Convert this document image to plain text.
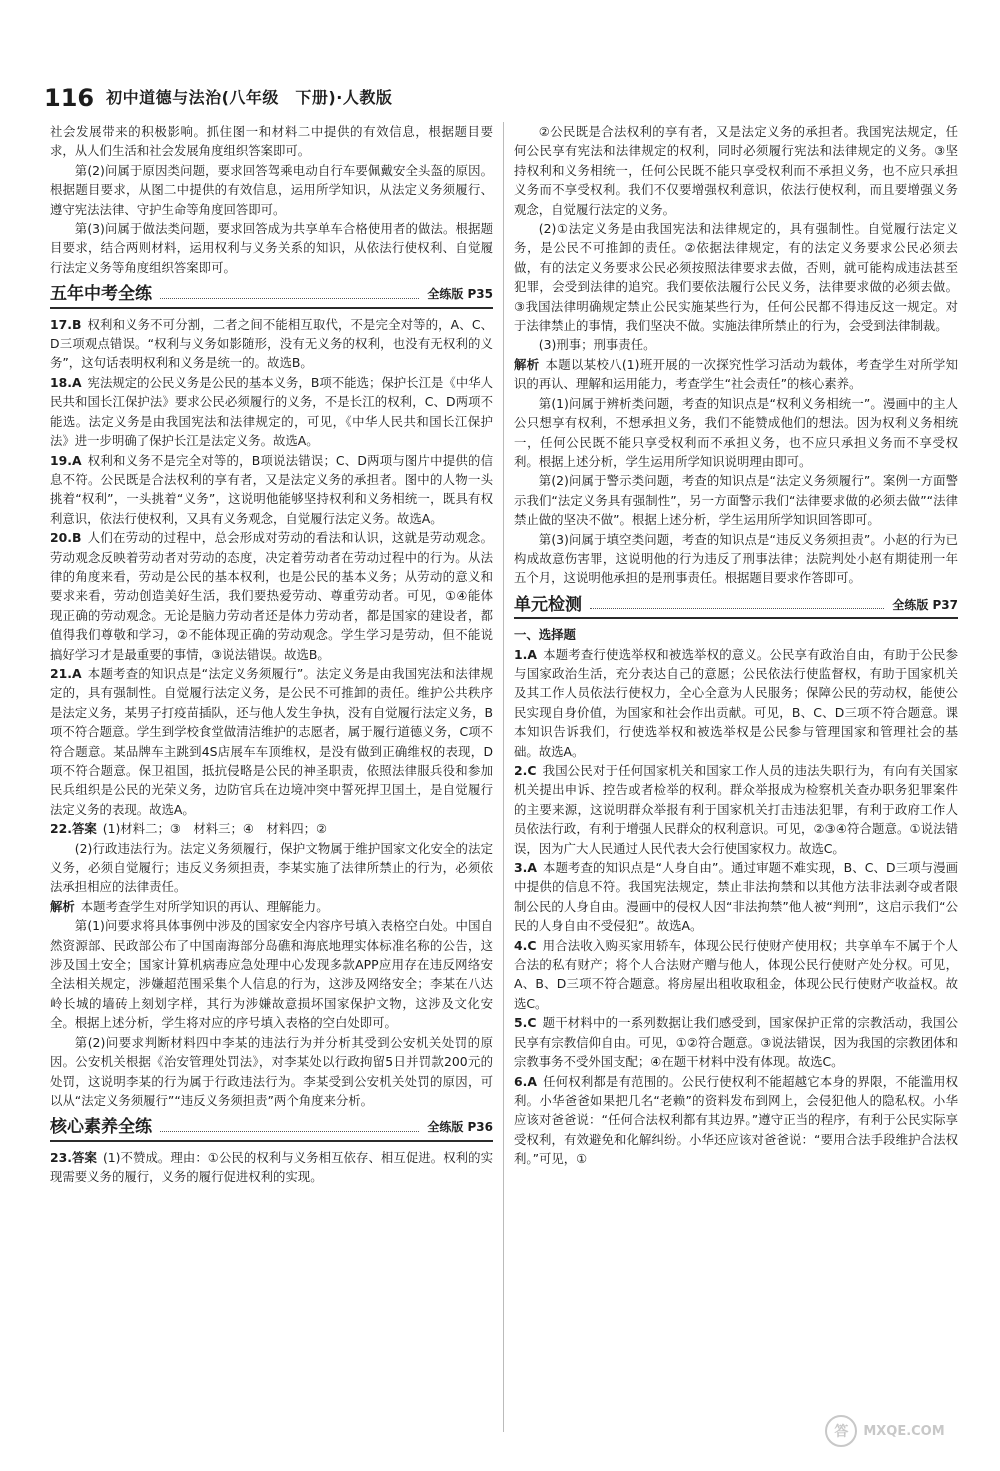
116 初中道德与法治(八年级　下册)·人教版

社会发展带来的积极影响。抓住图一和材料二中提供的有效信息，根据题目要求，从人们生活和社会发展角度组织答案即可。

第(2)问属于原因类问题，要求回答驾乘电动自行车要佩戴安全头盔的原因。根据题目要求，从图二中提供的有效信息，运用所学知识，从法定义务须履行、遵守宪法法律、守护生命等角度回答即可。

第(3)问属于做法类问题，要求回答成为共享单车合格使用者的做法。根据题目要求，结合两则材料，运用权利与义务关系的知识，从依法行使权利、自觉履行法定义务等角度组织答案即可。

五年中考全练	全练版 P35

17.B 权利和义务不可分割，二者之间不能相互取代，不是完全对等的，A、C、D三项观点错误。“权利与义务如影随形，没有无义务的权利，也没有无权利的义务”，这句话表明权利和义务是统一的。故选B。

18.A 宪法规定的公民义务是公民的基本义务，B项不能选；保护长江是《中华人民共和国长江保护法》要求公民必须履行的义务，不是长江的权利，C、D两项不能选。法定义务是由我国宪法和法律规定的，可见，《中华人民共和国长江保护法》进一步明确了保护长江是法定义务。故选A。

19.A 权利和义务不是完全对等的，B项说法错误；C、D两项与图片中提供的信息不符。公民既是合法权利的享有者，又是法定义务的承担者。图中的人物一头挑着“权利”，一头挑着“义务”，这说明他能够坚持权利和义务相统一，既具有权利意识，依法行使权利，又具有义务观念，自觉履行法定义务。故选A。

20.B 人们在劳动的过程中，总会形成对劳动的看法和认识，这就是劳动观念。劳动观念反映着劳动者对劳动的态度，决定着劳动者在劳动过程中的行为。从法律的角度来看，劳动是公民的基本权利，也是公民的基本义务；从劳动的意义和要求来看，劳动创造美好生活，我们要热爱劳动、尊重劳动者。可见，①④能体现正确的劳动观念。无论是脑力劳动者还是体力劳动者，都是国家的建设者，都值得我们尊敬和学习，②不能体现正确的劳动观念。学生学习是劳动，但不能说搞好学习才是最重要的事情，③说法错误。故选B。

21.A 本题考查的知识点是“法定义务须履行”。法定义务是由我国宪法和法律规定的，具有强制性。自觉履行法定义务，是公民不可推卸的责任。维护公共秩序是法定义务，某男子打疫苗插队，还与他人发生争执，没有自觉履行法定义务，B项不符合题意。学生到学校食堂做清洁维护的志愿者，属于履行道德义务，C项不符合题意。某品牌车主跳到4S店展车车顶维权，是没有做到正确维权的表现，D项不符合题意。保卫祖国，抵抗侵略是公民的神圣职责，依照法律服兵役和参加民兵组织是公民的光荣义务，边防官兵在边境冲突中誓死捍卫国土，是自觉履行法定义务的表现。故选A。

22.答案 (1)材料二；③　材料三；④　材料四；②

(2)行政违法行为。法定义务须履行，保护文物属于维护国家文化安全的法定义务，必须自觉履行；违反义务须担责，李某实施了法律所禁止的行为，必须依法承担相应的法律责任。

解析 本题考查学生对所学知识的再认、理解能力。

第(1)问要求将具体事例中涉及的国家安全内容序号填入表格空白处。中国自然资源部、民政部公布了中国南海部分岛礁和海底地理实体标准名称的公告，这涉及国土安全；国家计算机病毒应急处理中心发现多款APP应用存在违反网络安全法相关规定，涉嫌超范围采集个人信息的行为，这涉及网络安全；李某在八达岭长城的墙砖上刻划字样，其行为涉嫌故意损坏国家保护文物，这涉及文化安全。根据上述分析，学生将对应的序号填入表格的空白处即可。

第(2)问要求判断材料四中李某的违法行为并分析其受到公安机关处罚的原因。公安机关根据《治安管理处罚法》，对李某处以行政拘留5日并罚款200元的处罚，这说明李某的行为属于行政违法行为。李某受到公安机关处罚的原因，可以从“法定义务须履行”“违反义务须担责”两个角度来分析。

核心素养全练	全练版 P36

23.答案 (1)不赞成。理由：①公民的权利与义务相互依存、相互促进。权利的实现需要义务的履行，义务的履行促进权利的实现。

②公民既是合法权利的享有者，又是法定义务的承担者。我国宪法规定，任何公民享有宪法和法律规定的权利，同时必须履行宪法和法律规定的义务。③坚持权利和义务相统一，任何公民既不能只享受权利而不承担义务，也不应只承担义务而不享受权利。我们不仅要增强权利意识，依法行使权利，而且要增强义务观念，自觉履行法定的义务。

(2)①法定义务是由我国宪法和法律规定的，具有强制性。自觉履行法定义务，是公民不可推卸的责任。②依据法律规定，有的法定义务要求公民必须去做，有的法定义务要求公民必须按照法律要求去做，否则，就可能构成违法甚至犯罪，会受到法律的追究。我们要依法履行公民义务，法律要求做的必须去做。③我国法律明确规定禁止公民实施某些行为，任何公民都不得违反这一规定。对于法律禁止的事情，我们坚决不做。实施法律所禁止的行为，会受到法律制裁。

(3)刑事；刑事责任。

解析 本题以某校八(1)班开展的一次探究性学习活动为载体，考查学生对所学知识的再认、理解和运用能力，考查学生“社会责任”的核心素养。

第(1)问属于辨析类问题，考查的知识点是“权利义务相统一”。漫画中的主人公只想享有权利，不想承担义务，我们不能赞成他们的想法。因为权利义务相统一，任何公民既不能只享受权利而不承担义务，也不应只承担义务而不享受权利。根据上述分析，学生运用所学知识说明理由即可。

第(2)问属于警示类问题，考查的知识点是“法定义务须履行”。案例一方面警示我们“法定义务具有强制性”，另一方面警示我们“法律要求做的必须去做”“法律禁止做的坚决不做”。根据上述分析，学生运用所学知识回答即可。

第(3)问属于填空类问题，考查的知识点是“违反义务须担责”。小赵的行为已构成故意伤害罪，这说明他的行为违反了刑事法律；法院判处小赵有期徒刑一年五个月，这说明他承担的是刑事责任。根据题目要求作答即可。

单元检测	全练版 P37
一、选择题

1.A 本题考查行使选举权和被选举权的意义。公民享有政治自由，有助于公民参与国家政治生活，充分表达自己的意愿；公民依法行使监督权，有助于国家机关及其工作人员依法行使权力，全心全意为人民服务；保障公民的劳动权，能使公民实现自身价值，为国家和社会作出贡献。可见，B、C、D三项不符合题意。课本知识告诉我们，行使选举权和被选举权是公民参与管理国家和管理社会的基础。故选A。

2.C 我国公民对于任何国家机关和国家工作人员的违法失职行为，有向有关国家机关提出申诉、控告或者检举的权利。群众举报成为检察机关查办职务犯罪案件的主要来源，这说明群众举报有利于国家机关打击违法犯罪，有利于政府工作人员依法行政，有利于增强人民群众的权利意识。可见，②③④符合题意。①说法错误，因为广大人民通过人民代表大会行使国家权力。故选C。

3.A 本题考查的知识点是“人身自由”。通过审题不难实现，B、C、D三项与漫画中提供的信息不符。我国宪法规定，禁止非法拘禁和以其他方法非法剥夺或者限制公民的人身自由。漫画中的侵权人因“非法拘禁”他人被“判刑”，这启示我们“公民的人身自由不受侵犯”。故选A。

4.C 用合法收入购买家用轿车，体现公民行使财产使用权；共享单车不属于个人合法的私有财产；将个人合法财产赠与他人，体现公民行使财产处分权。可见，A、B、D三项不符合题意。将房屋出租收取租金，体现公民行使财产收益权。故选C。

5.C 题干材料中的一系列数据让我们感受到，国家保护正常的宗教活动，我国公民享有宗教信仰自由。可见，①②符合题意。③说法错误，因为我国的宗教团体和宗教事务不受外国支配；④在题干材料中没有体现。故选C。

6.A 任何权利都是有范围的。公民行使权利不能超越它本身的界限，不能滥用权利。小华爸爸如果把几名“老赖”的资料发布到网上，会侵犯他人的隐私权。小华应该对爸爸说：“任何合法权利都有其边界。”遵守正当的程序，有利于公民实际享受权利，有效避免和化解纠纷。小华还应该对爸爸说：“要用合法手段维护合法权利。”可见，①

答	MXQE.COM
